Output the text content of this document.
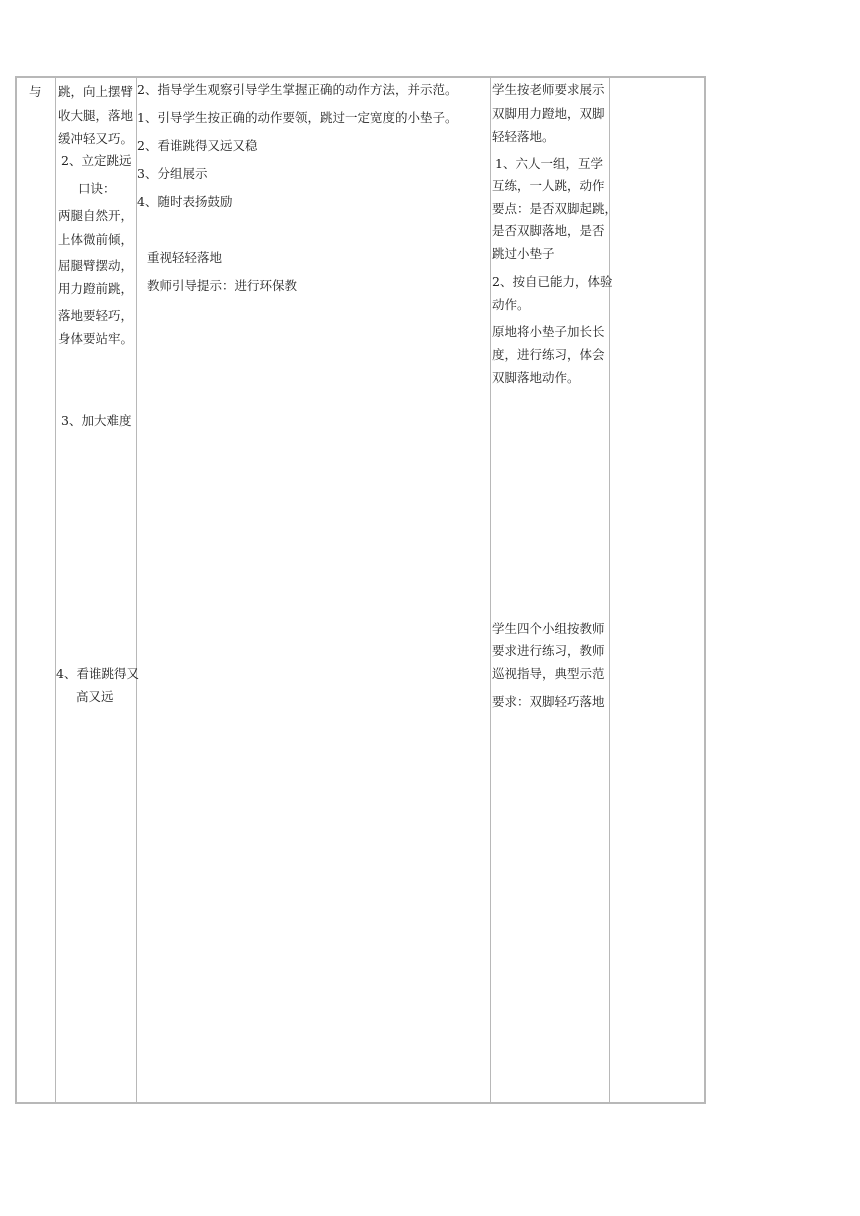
与 跳，向上摆臂
收大腿，落地
缓冲轻又巧。
2、立定跳远
口诀：
两腿自然开，
上体微前倾，
屈腿臂摆动，
用力蹬前跳，
落地要轻巧，
身体要站牢。
3、加大难度
4、看谁跳得又
高又远
2、指导学生观察引导学生掌握正确的动作方法，并示范。
1、引导学生按正确的动作要领，跳过一定宽度的小垫子。
2、看谁跳得又远又稳
3、分组展示
4、随时表扬鼓励
重视轻轻落地
教师引导提示：进行环保教
学生按老师要求展示
双脚用力蹬地，双脚
轻轻落地。
1、六人一组，互学
互练，一人跳，动作
要点：是否双脚起跳，
是否双脚落地，是否
跳过小垫子
2、按自已能力，体验
动作。
原地将小垫子加长长
度，进行练习，体会
双脚落地动作。
学生四个小组按教师
要求进行练习，教师
巡视指导，典型示范
要求：双脚轻巧落地
